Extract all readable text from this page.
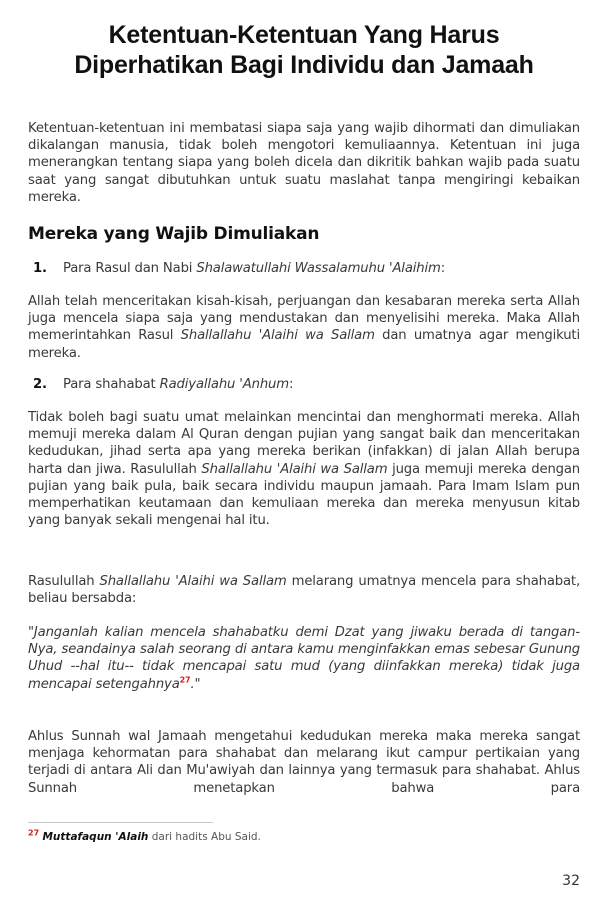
Ketentuan-Ketentuan Yang Harus
Diperhatikan Bagi Individu dan Jamaah
Ketentuan-ketentuan ini membatasi siapa saja yang wajib dihormati dan dimuliakan dikalangan manusia, tidak boleh mengotori kemuliaannya. Ketentuan ini juga menerangkan tentang siapa yang boleh dicela dan dikritik bahkan wajib pada suatu saat yang sangat dibutuhkan untuk suatu maslahat tanpa mengiringi kebaikan mereka.
Mereka yang Wajib Dimuliakan
1. Para Rasul dan Nabi Shalawatullahi Wassalamuhu 'Alaihim:
Allah telah menceritakan kisah-kisah, perjuangan dan kesabaran mereka serta Allah juga mencela siapa saja yang mendustakan dan menyelisihi mereka. Maka Allah memerintahkan Rasul Shallallahu 'Alaihi wa Sallam dan umatnya agar mengikuti mereka.
2. Para shahabat Radiyallahu 'Anhum:
Tidak boleh bagi suatu umat melainkan mencintai dan menghormati mereka. Allah memuji mereka dalam Al Quran dengan pujian yang sangat baik dan menceritakan kedudukan, jihad serta apa yang mereka berikan (infakkan) di jalan Allah berupa harta dan jiwa. Rasulullah Shallallahu 'Alaihi wa Sallam juga memuji mereka dengan pujian yang baik pula, baik secara individu maupun jamaah. Para Imam Islam pun memperhatikan keutamaan dan kemuliaan mereka dan mereka menyusun kitab yang banyak sekali mengenai hal itu.
Rasulullah Shallallahu 'Alaihi wa Sallam melarang umatnya mencela para shahabat, beliau bersabda:
"Janganlah kalian mencela shahabatku demi Dzat yang jiwaku berada di tangan-Nya, seandainya salah seorang di antara kamu menginfakkan emas sebesar Gunung Uhud --hal itu-- tidak mencapai satu mud (yang diinfakkan mereka) tidak juga mencapai setengahnya$^{27}$."
Ahlus Sunnah wal Jamaah mengetahui kedudukan mereka maka mereka sangat menjaga kehormatan para shahabat dan melarang ikut campur pertikaian yang terjadi di antara Ali dan Mu'awiyah dan lainnya yang termasuk para shahabat. Ahlus Sunnah menetapkan bahwa para
$^{27}$ Muttafaqun 'Alaih dari hadits Abu Said.
32
